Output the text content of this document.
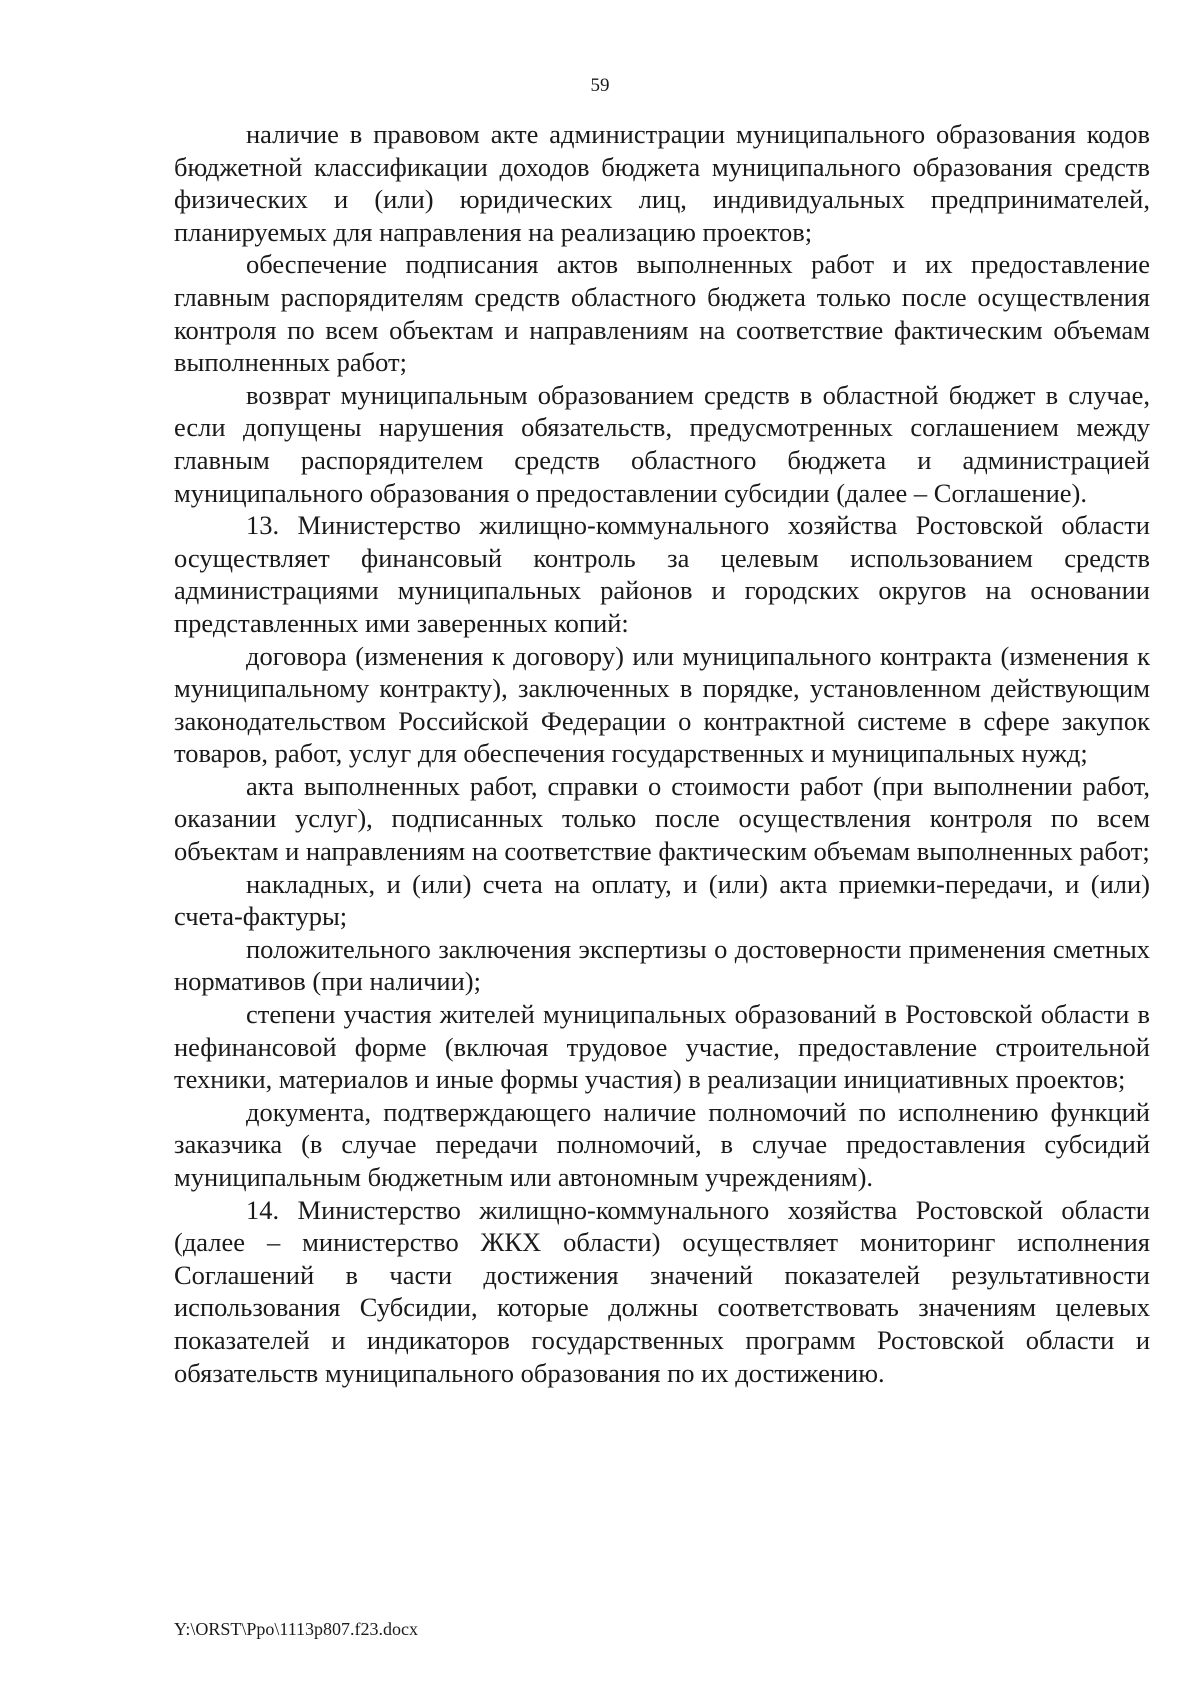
59

наличие в правовом акте администрации муниципального образования кодов бюджетной классификации доходов бюджета муниципального образования средств физических и (или) юридических лиц, индивидуальных предпринимателей, планируемых для направления на реализацию проектов;

обеспечение подписания актов выполненных работ и их предоставление главным распорядителям средств областного бюджета только после осуществления контроля по всем объектам и направлениям на соответствие фактическим объемам выполненных работ;

возврат муниципальным образованием средств в областной бюджет в случае, если допущены нарушения обязательств, предусмотренных соглашением между главным распорядителем средств областного бюджета и администрацией муниципального образования о предоставлении субсидии (далее – Соглашение).

13. Министерство жилищно-коммунального хозяйства Ростовской области осуществляет финансовый контроль за целевым использованием средств администрациями муниципальных районов и городских округов на основании представленных ими заверенных копий:

договора (изменения к договору) или муниципального контракта (изменения к муниципальному контракту), заключенных в порядке, установленном действующим законодательством Российской Федерации о контрактной системе в сфере закупок товаров, работ, услуг для обеспечения государственных и муниципальных нужд;

акта выполненных работ, справки о стоимости работ (при выполнении работ, оказании услуг), подписанных только после осуществления контроля по всем объектам и направлениям на соответствие фактическим объемам выполненных работ;

накладных, и (или) счета на оплату, и (или) акта приемки-передачи, и (или) счета-фактуры;

положительного заключения экспертизы о достоверности применения сметных нормативов (при наличии);

степени участия жителей муниципальных образований в Ростовской области в нефинансовой форме (включая трудовое участие, предоставление строительной техники, материалов и иные формы участия) в реализации инициативных проектов;

документа, подтверждающего наличие полномочий по исполнению функций заказчика (в случае передачи полномочий, в случае предоставления субсидий муниципальным бюджетным или автономным учреждениям).

14. Министерство жилищно-коммунального хозяйства Ростовской области (далее – министерство ЖКХ области) осуществляет мониторинг исполнения Соглашений в части достижения значений показателей результативности использования Субсидии, которые должны соответствовать значениям целевых показателей и индикаторов государственных программ Ростовской области и обязательств муниципального образования по их достижению.

Y:\ORST\Ppo\1113p807.f23.docx
